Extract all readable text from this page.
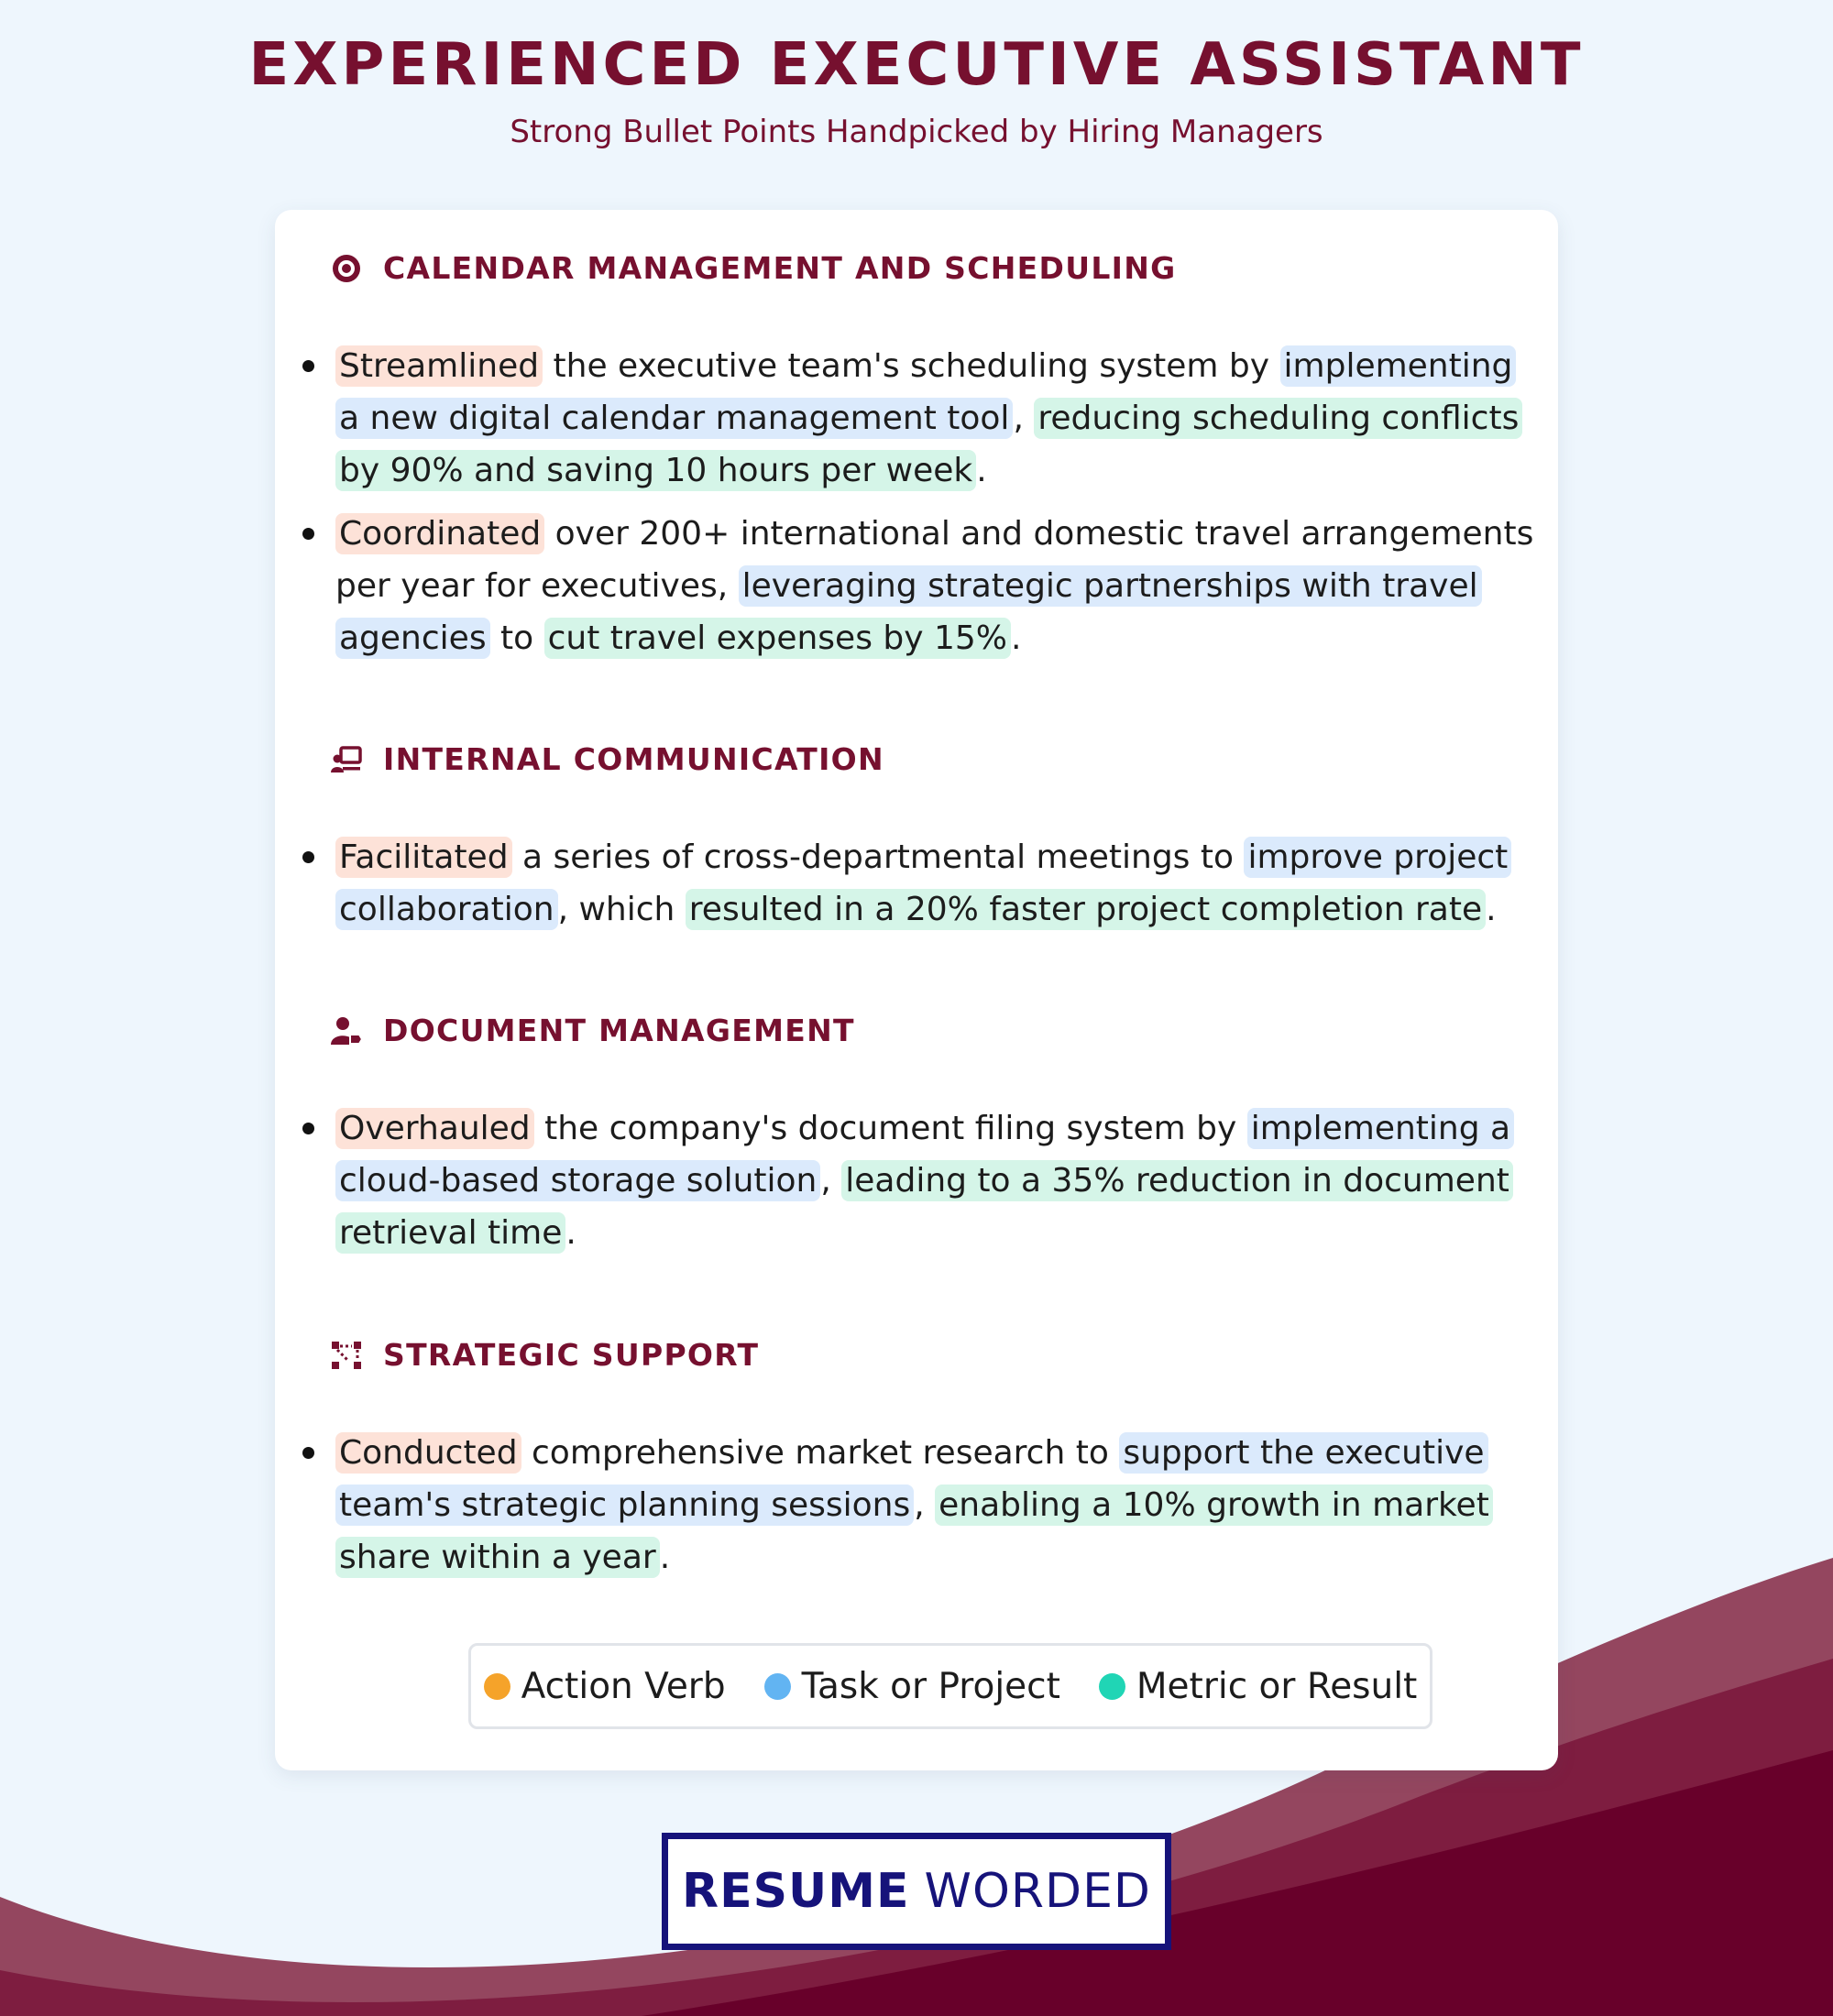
EXPERIENCED EXECUTIVE ASSISTANT

Strong Bullet Points Handpicked by Hiring Managers

CALENDAR MANAGEMENT AND SCHEDULING
Streamlined the executive team's scheduling system by implementing a new digital calendar management tool , reducing scheduling conflicts by 90% and saving 10 hours per week .
Coordinated over 200+ international and domestic travel arrangements per year for executives, leveraging strategic partnerships with travel agencies to cut travel expenses by 15% .
INTERNAL COMMUNICATION
Facilitated a series of cross-departmental meetings to improve project collaboration , which resulted in a 20% faster project completion rate .
DOCUMENT MANAGEMENT
Overhauled the company's document filing system by implementing a cloud-based storage solution , leading to a 35% reduction in document retrieval time .
STRATEGIC SUPPORT
Conducted comprehensive market research to support the executive team's strategic planning sessions , enabling a 10% growth in market share within a year .
Action Verb Task or Project Metric or Result
RESUME WORDED
